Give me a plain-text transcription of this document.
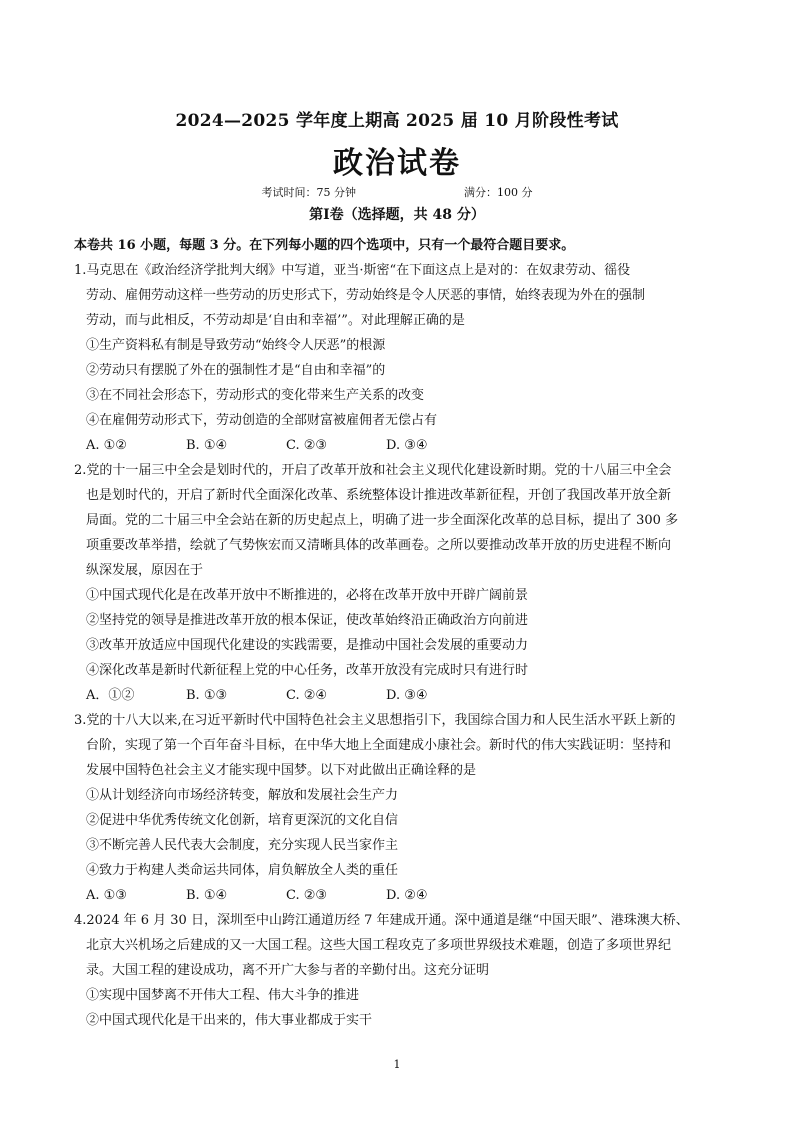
2024—2025 学年度上期高 2025 届 10 月阶段性考试
政治试卷
考试时间：75 分钟	满分：100 分
第Ⅰ卷（选择题，共 48 分）
本卷共 16 小题，每题 3 分。在下列每小题的四个选项中，只有一个最符合题目要求。

1.马克思在《政治经济学批判大纲》中写道，亚当·斯密“在下面这点上是对的：在奴隶劳动、徭役

劳动、雇佣劳动这样一些劳动的历史形式下，劳动始终是令人厌恶的事情，始终表现为外在的强制

劳动，而与此相反，不劳动却是‘自由和幸福’”。对此理解正确的是

①生产资料私有制是导致劳动“始终令人厌恶”的根源

②劳动只有摆脱了外在的强制性才是“自由和幸福”的

③在不同社会形态下，劳动形式的变化带来生产关系的改变

④在雇佣劳动形式下，劳动创造的全部财富被雇佣者无偿占有

A. ①②	B. ①④	C. ②③	D. ③④

2.党的十一届三中全会是划时代的，开启了改革开放和社会主义现代化建设新时期。党的十八届三中全会

也是划时代的，开启了新时代全面深化改革、系统整体设计推进改革新征程，开创了我国改革开放全新

局面。党的二十届三中全会站在新的历史起点上，明确了进一步全面深化改革的总目标，提出了 300 多

项重要改革举措，绘就了气势恢宏而又清晰具体的改革画卷。之所以要推动改革开放的历史进程不断向

纵深发展，原因在于

①中国式现代化是在改革开放中不断推进的，必将在改革开放中开辟广阔前景

②坚持党的领导是推进改革开放的根本保证，使改革始终沿正确政治方向前进

③改革开放适应中国现代化建设的实践需要，是推动中国社会发展的重要动力

④深化改革是新时代新征程上党的中心任务，改革开放没有完成时只有进行时

A．①②	B. ①③	C. ②④	D. ③④

3.党的十八大以来,在习近平新时代中国特色社会主义思想指引下，我国综合国力和人民生活水平跃上新的

台阶，实现了第一个百年奋斗目标，在中华大地上全面建成小康社会。新时代的伟大实践证明：坚持和

发展中国特色社会主义才能实现中国梦。以下对此做出正确诠释的是

①从计划经济向市场经济转变，解放和发展社会生产力

②促进中华优秀传统文化创新，培育更深沉的文化自信

③不断完善人民代表大会制度，充分实现人民当家作主

④致力于构建人类命运共同体，肩负解放全人类的重任

A. ①③	B. ①④	C. ②③	D. ②④

4.2024 年 6 月 30 日，深圳至中山跨江通道历经 7 年建成开通。深中通道是继“中国天眼”、港珠澳大桥、

北京大兴机场之后建成的又一大国工程。这些大国工程攻克了多项世界级技术难题，创造了多项世界纪

录。大国工程的建设成功，离不开广大参与者的辛勤付出。这充分证明

①实现中国梦离不开伟大工程、伟大斗争的推进

②中国式现代化是干出来的，伟大事业都成于实干

1
